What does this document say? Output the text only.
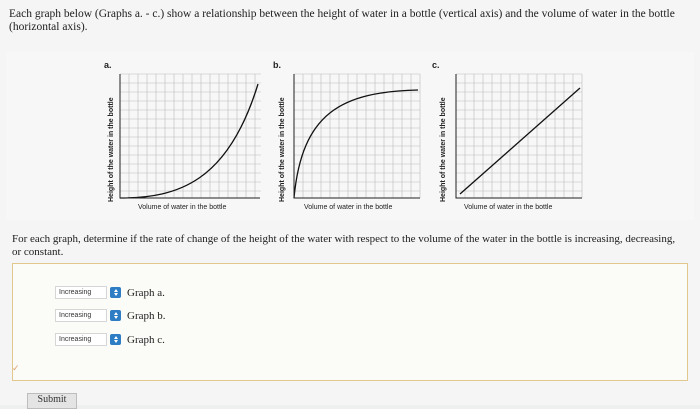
Each graph below (Graphs a. - c.) show a relationship between the height of water in a bottle (vertical axis) and the volume of water in the bottle (horizontal axis).
a.
Height of the water in the bottle
Volume of water in the bottle
b.
Height of the water in the bottle
Volume of water in the bottle
c.
Height of the water in the bottle
Volume of water in the bottle
For each graph, determine if the rate of change of the height of the water with respect to the volume of the water in the bottle is increasing, decreasing, or constant.
Increasing	Graph a.
Increasing	Graph b.
Increasing	Graph c.
✓
Submit
